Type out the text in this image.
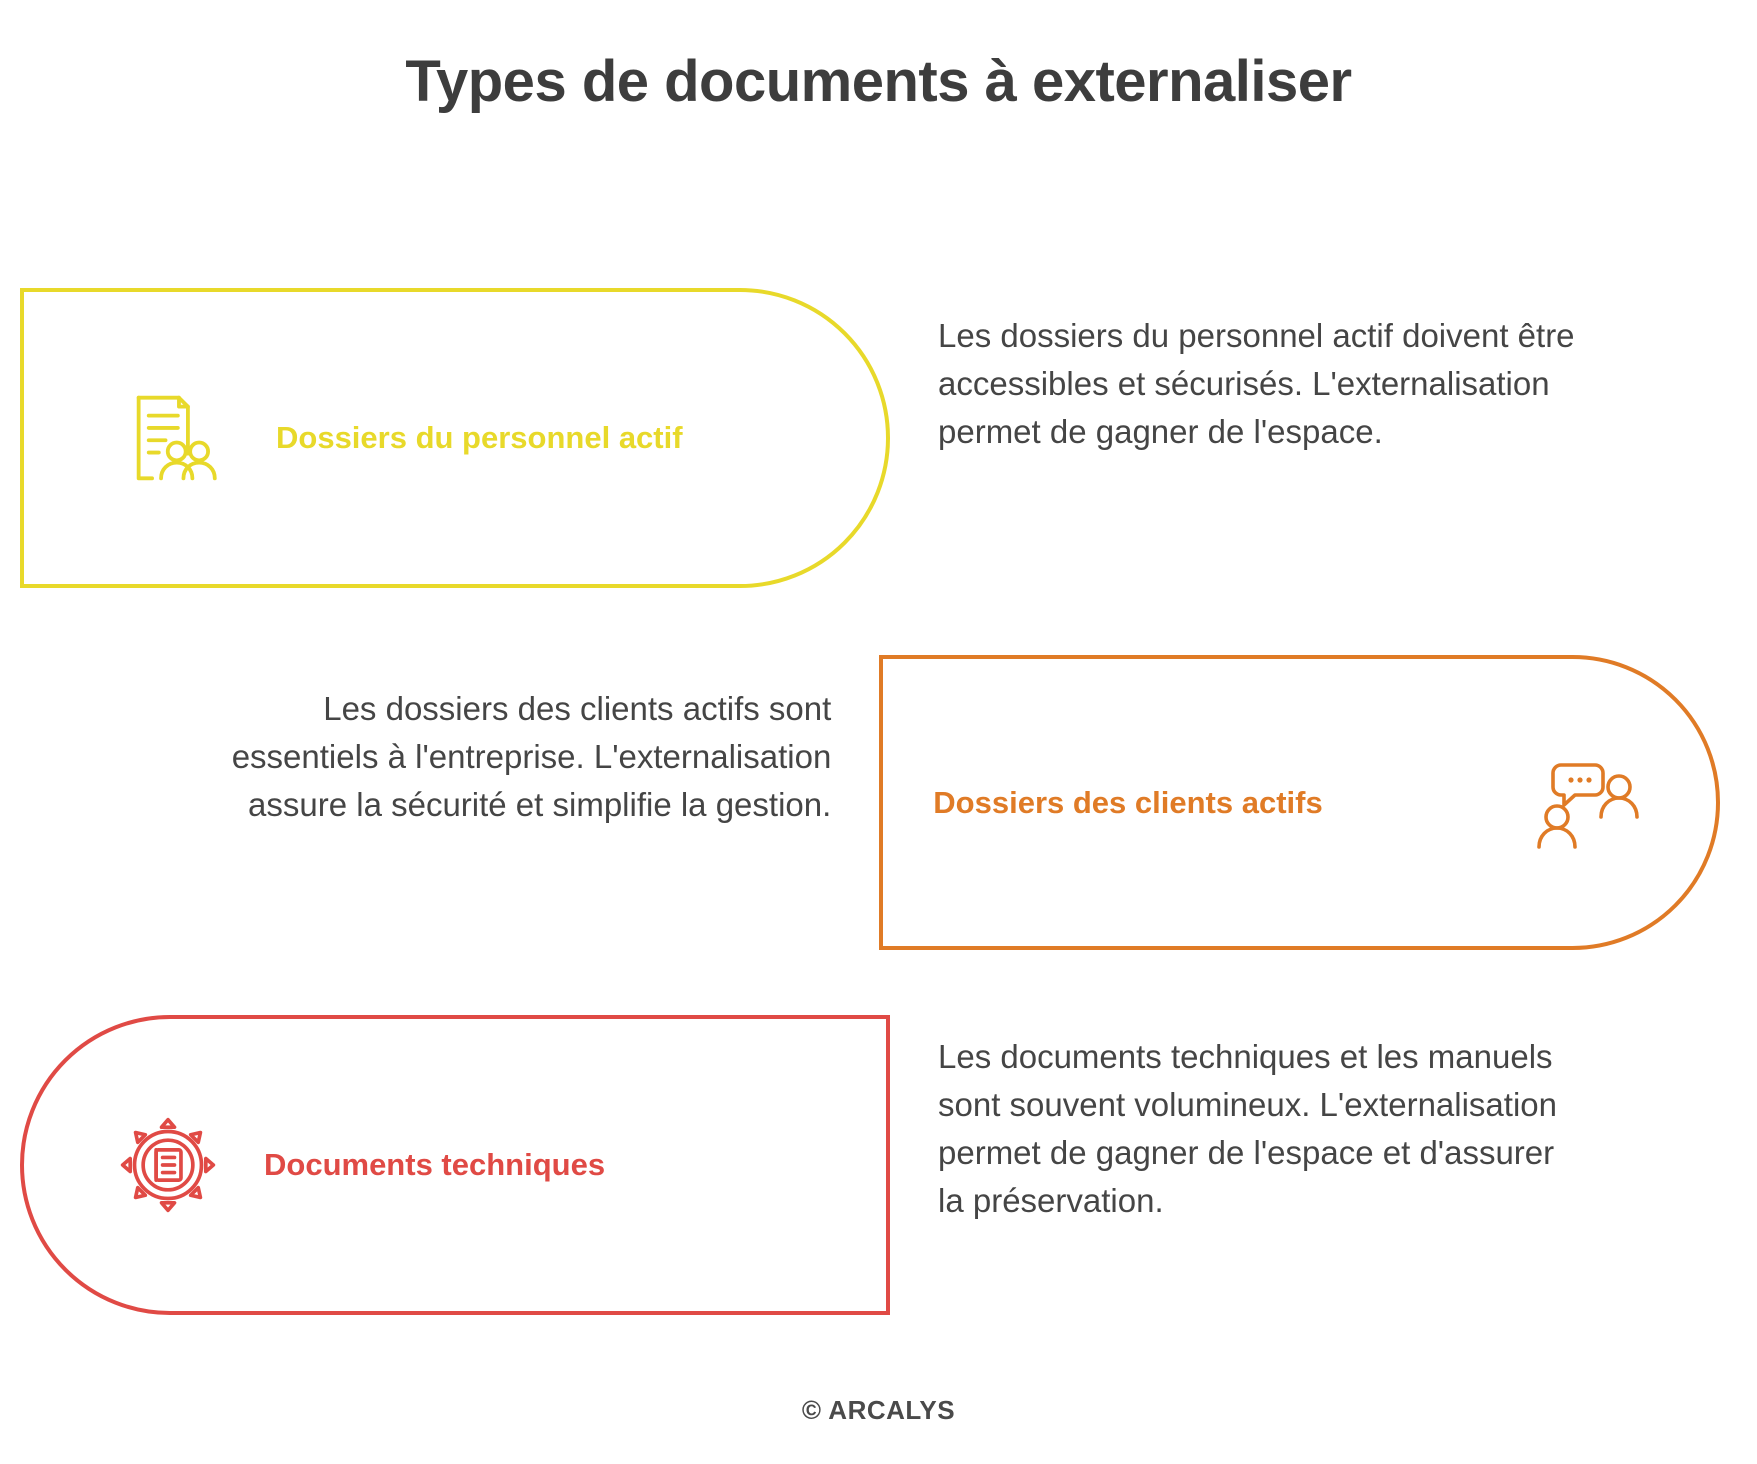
Types de documents à externaliser
Dossiers du personnel actif
Les dossiers du personnel actif doivent être accessibles et sécurisés. L'externalisation permet de gagner de l'espace.
Les dossiers des clients actifs sont essentiels à l'entreprise. L'externalisation assure la sécurité et simplifie la gestion.	Dossiers des clients actifs
Documents techniques
Les documents techniques et les manuels sont souvent volumineux. L'externalisation permet de gagner de l'espace et d'assurer la préservation.
© ARCALYS
